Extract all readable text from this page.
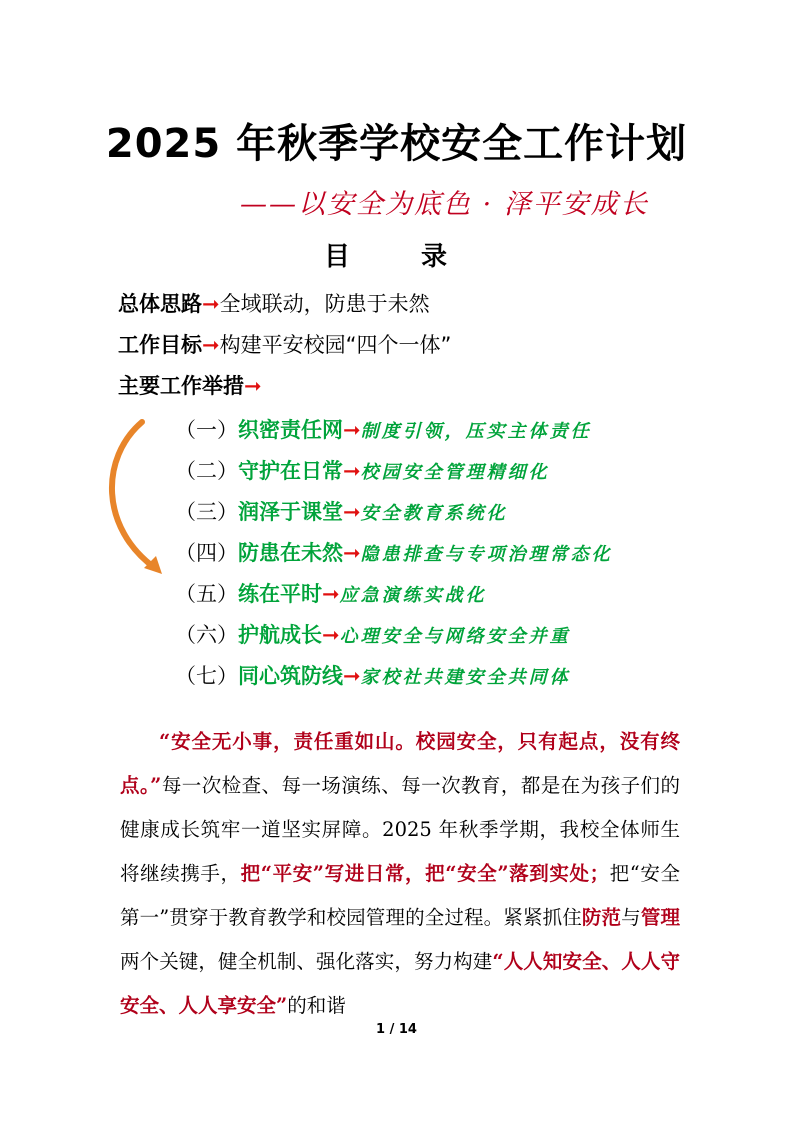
2025 年秋季学校安全工作计划
——以安全为底色 · 泽平安成长
目 录
总体思路➞全域联动，防患于未然
工作目标➞构建平安校园“四个一体”
主要工作举措➞
（一）织密责任网➞制度引领，压实主体责任
（二）守护在日常➞校园安全管理精细化
（三）润泽于课堂➞安全教育系统化
（四）防患在未然➞隐患排查与专项治理常态化
（五）练在平时➞应急演练实战化
（六）护航成长➞心理安全与网络安全并重
（七）同心筑防线➞家校社共建安全共同体
“安全无小事，责任重如山。校园安全，只有起点，没有终点。”每一次检查、每一场演练、每一次教育，都是在为孩子们的健康成长筑牢一道坚实屏障。2025 年秋季学期，我校全体师生将继续携手，把“平安”写进日常，把“安全”落到实处；把“安全第一”贯穿于教育教学和校园管理的全过程。紧紧抓住防范与管理两个关键，健全机制、强化落实，努力构建“人人知安全、人人守安全、人人享安全”的和谐
1 / 14
